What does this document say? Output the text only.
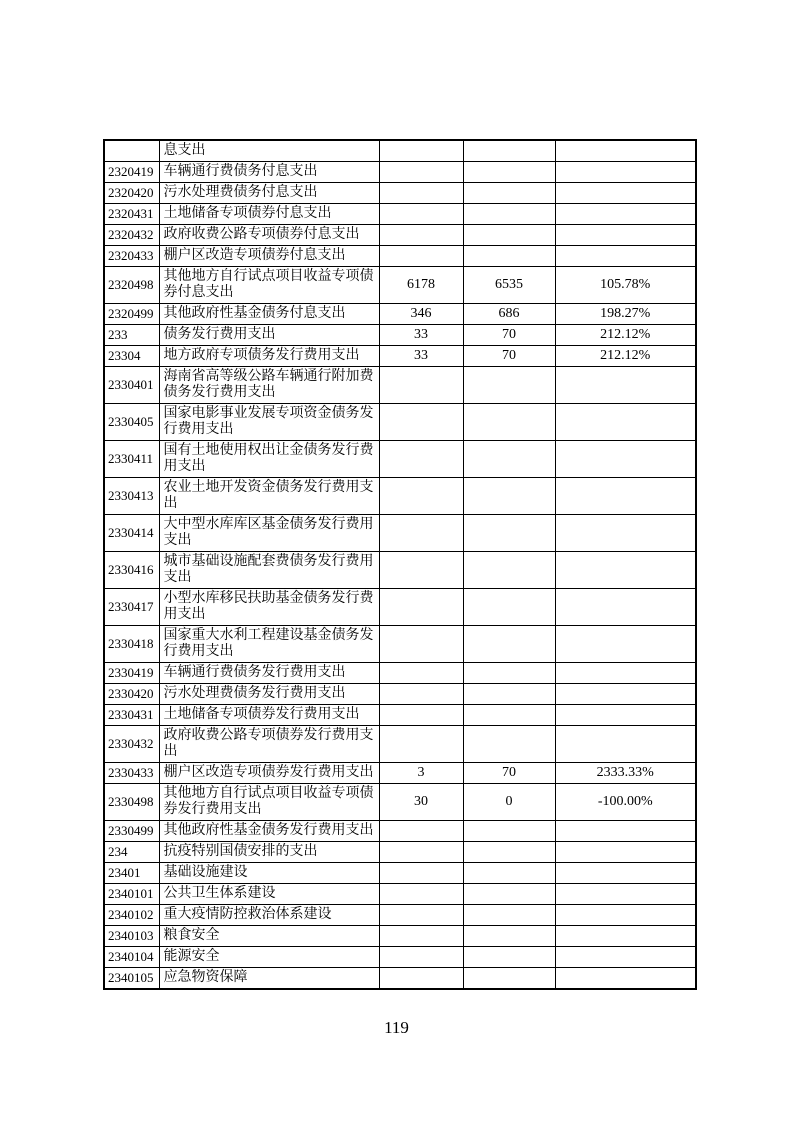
	息支出			
2320419	车辆通行费债务付息支出			
2320420	污水处理费债务付息支出			
2320431	土地储备专项债券付息支出			
2320432	政府收费公路专项债券付息支出			
2320433	棚户区改造专项债券付息支出			
2320498	其他地方自行试点项目收益专项债券付息支出	6178	6535	105.78%
2320499	其他政府性基金债务付息支出	346	686	198.27%
233	债务发行费用支出	33	70	212.12%
23304	地方政府专项债务发行费用支出	33	70	212.12%
2330401	海南省高等级公路车辆通行附加费债务发行费用支出			
2330405	国家电影事业发展专项资金债务发行费用支出			
2330411	国有土地使用权出让金债务发行费用支出			
2330413	农业土地开发资金债务发行费用支出			
2330414	大中型水库库区基金债务发行费用支出			
2330416	城市基础设施配套费债务发行费用支出			
2330417	小型水库移民扶助基金债务发行费用支出			
2330418	国家重大水利工程建设基金债务发行费用支出			
2330419	车辆通行费债务发行费用支出			
2330420	污水处理费债务发行费用支出			
2330431	土地储备专项债券发行费用支出			
2330432	政府收费公路专项债券发行费用支出			
2330433	棚户区改造专项债券发行费用支出	3	70	2333.33%
2330498	其他地方自行试点项目收益专项债券发行费用支出	30	0	-100.00%
2330499	其他政府性基金债务发行费用支出			
234	抗疫特别国债安排的支出			
23401	基础设施建设			
2340101	公共卫生体系建设			
2340102	重大疫情防控救治体系建设			
2340103	粮食安全			
2340104	能源安全			
2340105	应急物资保障			
119
